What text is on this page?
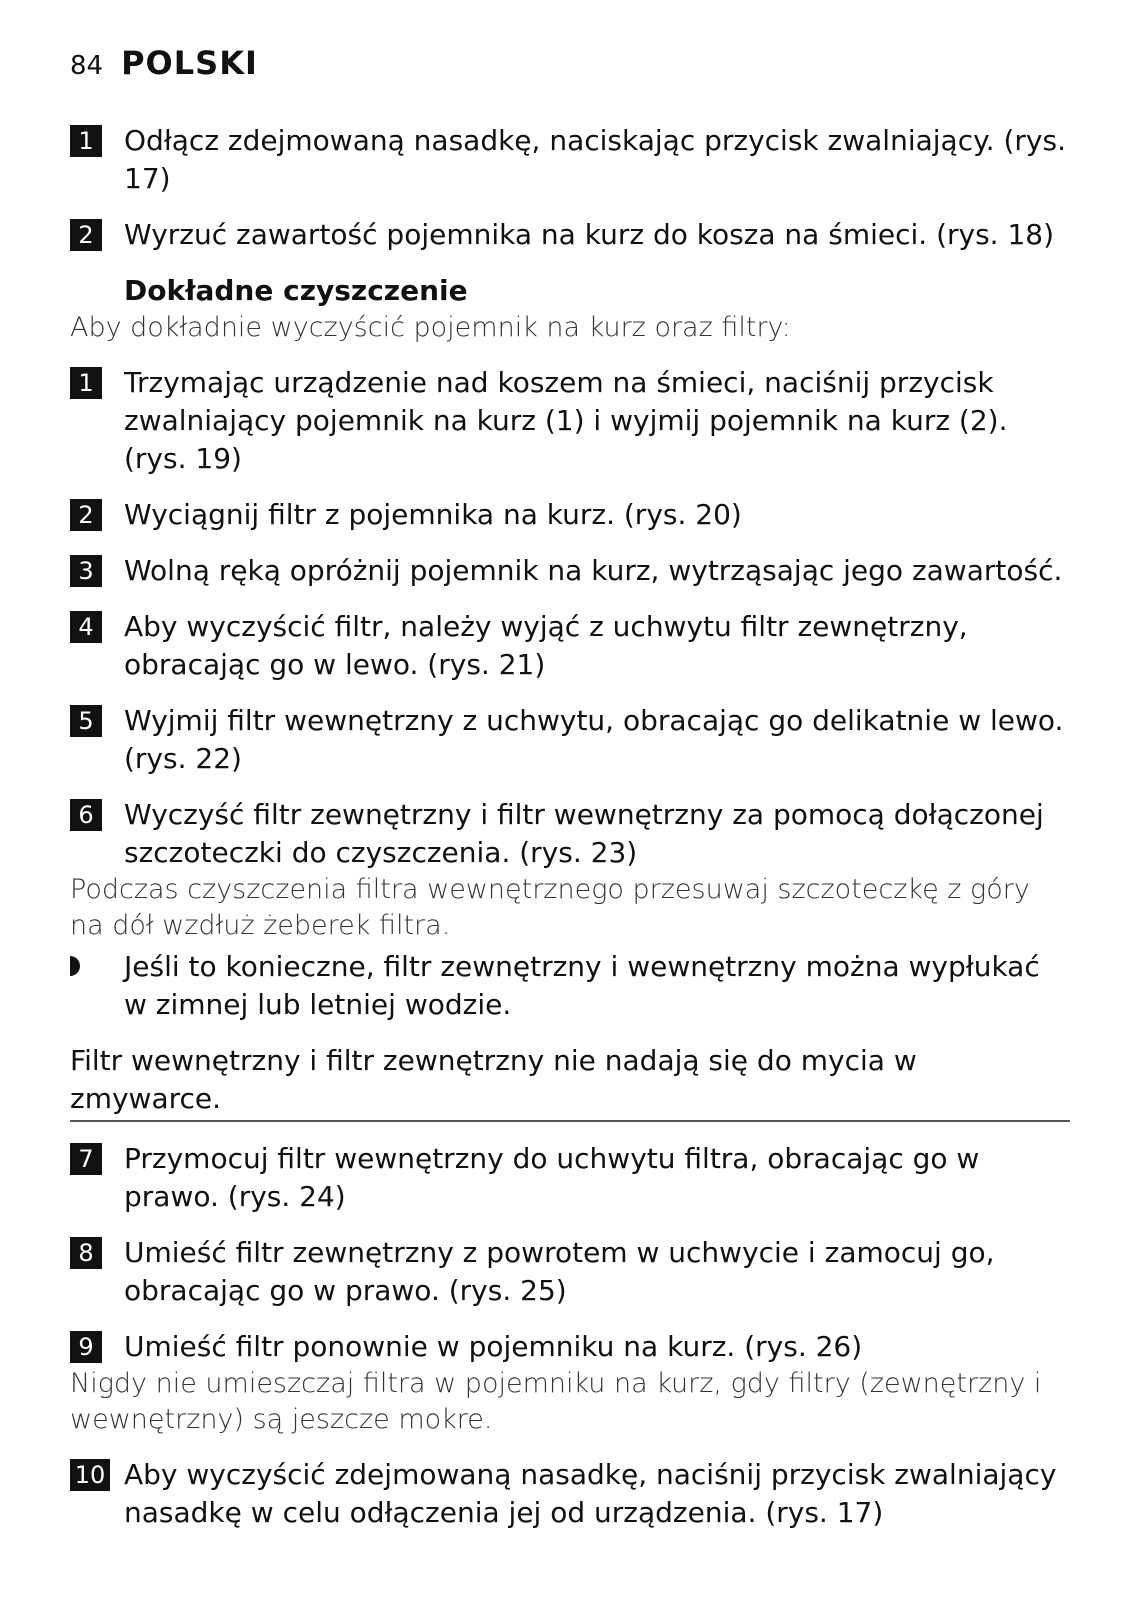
84 POLSKI
1 Odłącz zdejmowaną nasadkę, naciskając przycisk zwalniający. (rys. 17)
2 Wyrzuć zawartość pojemnika na kurz do kosza na śmieci. (rys. 18)
Dokładne czyszczenie
Aby dokładnie wyczyścić pojemnik na kurz oraz filtry:
1 Trzymając urządzenie nad koszem na śmieci, naciśnij przycisk zwalniający pojemnik na kurz (1) i wyjmij pojemnik na kurz (2). (rys. 19)
2 Wyciągnij filtr z pojemnika na kurz. (rys. 20)
3 Wolną ręką opróżnij pojemnik na kurz, wytrząsając jego zawartość.
4 Aby wyczyścić filtr, należy wyjąć z uchwytu filtr zewnętrzny, obracając go w lewo. (rys. 21)
5 Wyjmij filtr wewnętrzny z uchwytu, obracając go delikatnie w lewo. (rys. 22)
6 Wyczyść filtr zewnętrzny i filtr wewnętrzny za pomocą dołączonej szczoteczki do czyszczenia. (rys. 23)
Podczas czyszczenia filtra wewnętrznego przesuwaj szczoteczkę z góry na dół wzdłuż żeberek filtra.
Jeśli to konieczne, filtr zewnętrzny i wewnętrzny można wypłukać w zimnej lub letniej wodzie.
Filtr wewnętrzny i filtr zewnętrzny nie nadają się do mycia w zmywarce.
7 Przymocuj filtr wewnętrzny do uchwytu filtra, obracając go w prawo. (rys. 24)
8 Umieść filtr zewnętrzny z powrotem w uchwycie i zamocuj go, obracając go w prawo. (rys. 25)
9 Umieść filtr ponownie w pojemniku na kurz. (rys. 26)
Nigdy nie umieszczaj filtra w pojemniku na kurz, gdy filtry (zewnętrzny i wewnętrzny) są jeszcze mokre.
10 Aby wyczyścić zdejmowaną nasadkę, naciśnij przycisk zwalniający nasadkę w celu odłączenia jej od urządzenia. (rys. 17)
